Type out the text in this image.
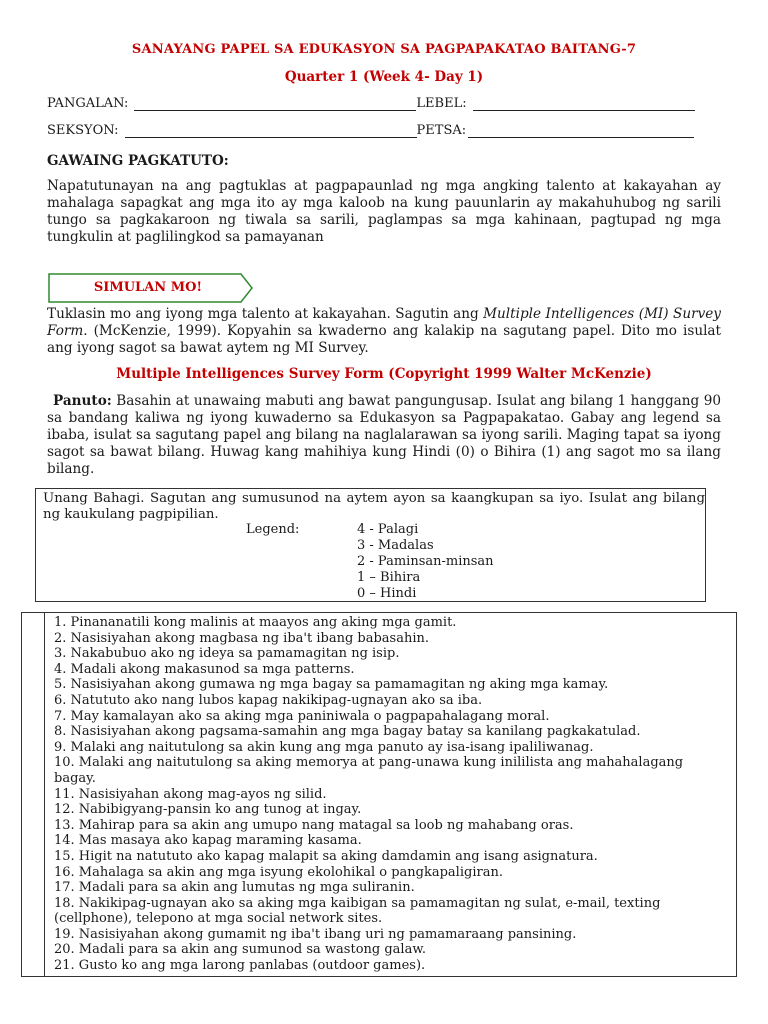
SANAYANG PAPEL SA EDUKASYON SA PAGPAPAKATAO BAITANG-7
Quarter 1 (Week 4- Day 1)
PANGALAN:	LEBEL:
SEKSYON:	PETSA:
GAWAING PAGKATUTO:

Napatutunayan na ang pagtuklas at pagpapaunlad ng mga angking talento at kakayahan ay mahalaga sapagkat ang mga ito ay mga kaloob na kung pauunlarin ay makahuhubog ng sarili tungo sa pagkakaroon ng tiwala sa sarili, paglampas sa mga kahinaan, pagtupad ng mga tungkulin at paglilingkod sa pamayanan

SIMULAN MO!

Tuklasin mo ang iyong mga talento at kakayahan. Sagutin ang Multiple Intelligences (MI) Survey Form. (McKenzie, 1999). Kopyahin sa kwaderno ang kalakip na sagutang papel. Dito mo isulat ang iyong sagot sa bawat aytem ng MI Survey.

Multiple Intelligences Survey Form (Copyright 1999 Walter McKenzie)

Panuto: Basahin at unawaing mabuti ang bawat pangungusap. Isulat ang bilang 1 hanggang 90 sa bandang kaliwa ng iyong kuwaderno sa Edukasyon sa Pagpapakatao. Gabay ang legend sa ibaba, isulat sa sagutang papel ang bilang na naglalarawan sa iyong sarili. Maging tapat sa iyong sagot sa bawat bilang. Huwag kang mahihiya kung Hindi (0) o Bihira (1) ang sagot mo sa ilang bilang.

Unang Bahagi. Sagutan ang sumusunod na aytem ayon sa kaangkupan sa iyo. Isulat ang bilang ng kaukulang pagpipilian.

Legend:	4 - Palagi
3 - Madalas
2 - Paminsan-minsan
1 – Bihira
0 – Hindi
1. Pinananatili kong malinis at maayos ang aking mga gamit.
2. Nasisiyahan akong magbasa ng iba't ibang babasahin.
3. Nakabubuo ako ng ideya sa pamamagitan ng isip.
4. Madali akong makasunod sa mga patterns.
5. Nasisiyahan akong gumawa ng mga bagay sa pamamagitan ng aking mga kamay.
6. Natututo ako nang lubos kapag nakikipag-ugnayan ako sa iba.
7. May kamalayan ako sa aking mga paniniwala o pagpapahalagang moral.
8. Nasisiyahan akong pagsama-samahin ang mga bagay batay sa kanilang pagkakatulad.
9. Malaki ang naitutulong sa akin kung ang mga panuto ay isa-isang ipaliliwanag.
10. Malaki ang naitutulong sa aking memorya at pang-unawa kung inililista ang mahahalagang bagay.
11. Nasisiyahan akong mag-ayos ng silid.
12. Nabibigyang-pansin ko ang tunog at ingay.
13. Mahirap para sa akin ang umupo nang matagal sa loob ng mahabang oras.
14. Mas masaya ako kapag maraming kasama.
15. Higit na natututo ako kapag malapit sa aking damdamin ang isang asignatura.
16. Mahalaga sa akin ang mga isyung ekolohikal o pangkapaligiran.
17. Madali para sa akin ang lumutas ng mga suliranin.
18. Nakikipag-ugnayan ako sa aking mga kaibigan sa pamamagitan ng sulat, e-mail, texting (cellphone), telepono at mga social network sites.
19. Nasisiyahan akong gumamit ng iba't ibang uri ng pamamaraang pansining.
20. Madali para sa akin ang sumunod sa wastong galaw.
21. Gusto ko ang mga larong panlabas (outdoor games).
